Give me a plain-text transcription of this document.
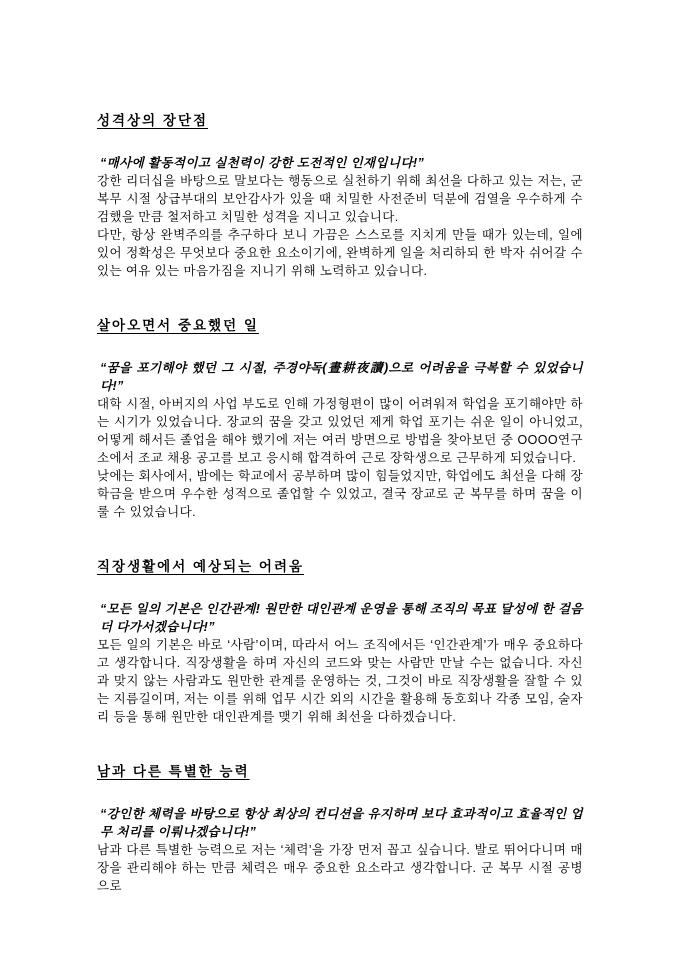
성격상의 장단점

“매사에 활동적이고 실천력이 강한 도전적인 인재입니다!”

강한 리더십을 바탕으로 말보다는 행동으로 실천하기 위해 최선을 다하고 있는 저는, 군 복무 시절 상급부대의 보안감사가 있을 때 치밀한 사전준비 덕분에 검열을 우수하게 수검했을 만큼 철저하고 치밀한 성격을 지니고 있습니다.

다만, 항상 완벽주의를 추구하다 보니 가끔은 스스로를 지치게 만들 때가 있는데, 일에 있어 정확성은 무엇보다 중요한 요소이기에, 완벽하게 일을 처리하되 한 박자 쉬어갈 수 있는 여유 있는 마음가짐을 지니기 위해 노력하고 있습니다.

살아오면서 중요했던 일

“꿈을 포기해야 했던 그 시절, 주경야독(晝耕夜讀)으로 어려움을 극복할 수 있었습니다!”

대학 시절, 아버지의 사업 부도로 인해 가정형편이 많이 어려워져 학업을 포기해야만 하는 시기가 있었습니다. 장교의 꿈을 갖고 있었던 제게 학업 포기는 쉬운 일이 아니었고, 어떻게 해서든 졸업을 해야 했기에 저는 여러 방면으로 방법을 찾아보던 중 OOOO연구소에서 조교 채용 공고를 보고 응시해 합격하여 근로 장학생으로 근무하게 되었습니다.

낮에는 회사에서, 밤에는 학교에서 공부하며 많이 힘들었지만, 학업에도 최선을 다해 장학금을 받으며 우수한 성적으로 졸업할 수 있었고, 결국 장교로 군 복무를 하며 꿈을 이룰 수 있었습니다.

직장생활에서 예상되는 어려움

“모든 일의 기본은 인간관계! 원만한 대인관계 운영을 통해 조직의 목표 달성에 한 걸음 더 다가서겠습니다!”

모든 일의 기본은 바로 ‘사람’이며, 따라서 어느 조직에서든 ‘인간관계’가 매우 중요하다고 생각합니다. 직장생활을 하며 자신의 코드와 맞는 사람만 만날 수는 없습니다. 자신과 맞지 않는 사람과도 원만한 관계를 운영하는 것, 그것이 바로 직장생활을 잘할 수 있는 지름길이며, 저는 이를 위해 업무 시간 외의 시간을 활용해 동호회나 각종 모임, 술자리 등을 통해 원만한 대인관계를 맺기 위해 최선을 다하겠습니다.

남과 다른 특별한 능력

“강인한 체력을 바탕으로 항상 최상의 컨디션을 유지하며 보다 효과적이고 효율적인 업무 처리를 이뤄나겠습니다!”

남과 다른 특별한 능력으로 저는 ‘체력’을 가장 먼저 꼽고 싶습니다. 발로 뛰어다니며 매장을 관리해야 하는 만큼 체력은 매우 중요한 요소라고 생각합니다. 군 복무 시절 공병으로
